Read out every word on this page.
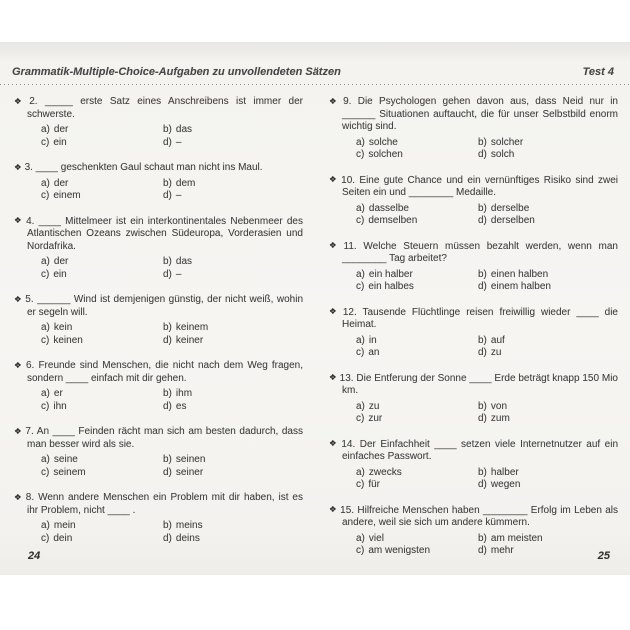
Grammatik-Multiple-Choice-Aufgaben zu unvollendeten Sätzen	Test 4
❖ 2. _____ erste Satz eines Anschreibens ist immer der schwerste.
a) der	b) das
c) ein	d) –
❖ 3. ____ geschenkten Gaul schaut man nicht ins Maul.
a) der	b) dem
c) einem	d) –
❖ 4. ____ Mittelmeer ist ein interkontinentales Nebenmeer des Atlantischen Ozeans zwischen Südeuropa, Vorderasien und Nordafrika.
a) der	b) das
c) ein	d) –
❖ 5. ______ Wind ist demjenigen günstig, der nicht weiß, wohin er segeln will.
a) kein	b) keinem
c) keinen	d) keiner
❖ 6. Freunde sind Menschen, die nicht nach dem Weg fragen, sondern ____ einfach mit dir gehen.
a) er	b) ihm
c) ihn	d) es
❖ 7. An ____ Feinden rächt man sich am besten dadurch, dass man besser wird als sie.
a) seine	b) seinen
c) seinem	d) seiner
❖ 8. Wenn andere Menschen ein Problem mit dir haben, ist es ihr Problem, nicht ____ .
a) mein	b) meins
c) dein	d) deins
❖ 9. Die Psychologen gehen davon aus, dass Neid nur in ______ Situationen auftaucht, die für unser Selbstbild enorm wichtig sind.
a) solche	b) solcher
c) solchen	d) solch
❖ 10. Eine gute Chance und ein vernünftiges Risiko sind zwei Seiten ein und ________ Medaille.
a) dasselbe	b) derselbe
c) demselben	d) derselben
❖ 11. Welche Steuern müssen bezahlt werden, wenn man ________ Tag arbeitet?
a) ein halber	b) einen halben
c) ein halbes	d) einem halben
❖ 12. Tausende Flüchtlinge reisen freiwillig wieder ____ die Heimat.
a) in	b) auf
c) an	d) zu
❖ 13. Die Entferung der Sonne ____ Erde beträgt knapp 150 Mio km.
a) zu	b) von
c) zur	d) zum
❖ 14. Der Einfachheit ____ setzen viele Internetnutzer auf ein einfaches Passwort.
a) zwecks	b) halber
c) für	d) wegen
❖ 15. Hilfreiche Menschen haben ________ Erfolg im Leben als andere, weil sie sich um andere kümmern.
a) viel	b) am meisten
c) am wenigsten	d) mehr
24	25
